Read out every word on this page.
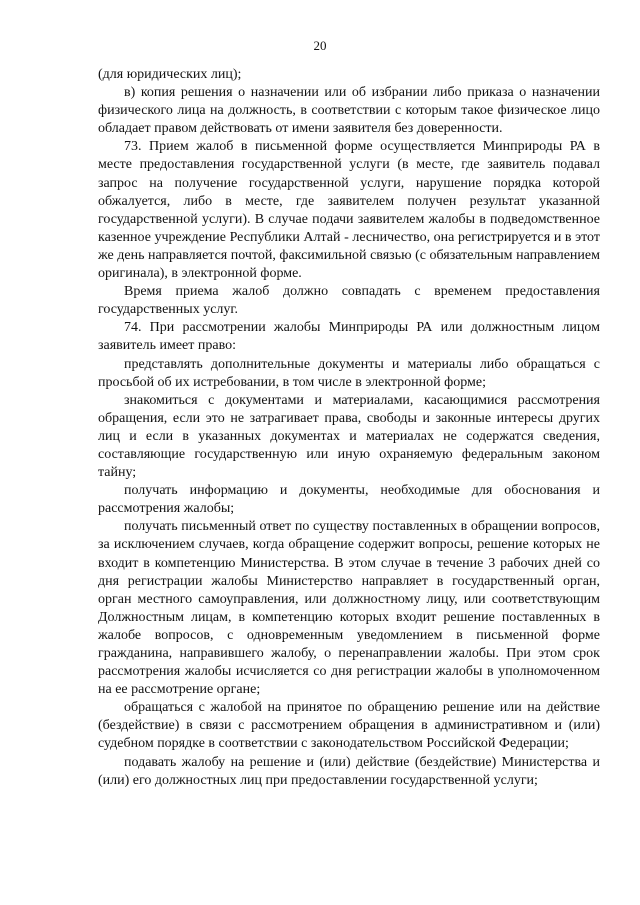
20

(для юридических лиц);

в) копия решения о назначении или об избрании либо приказа о назначении физического лица на должность, в соответствии с которым такое физическое лицо обладает правом действовать от имени заявителя без доверенности.

73. Прием жалоб в письменной форме осуществляется Минприроды РА в месте предоставления государственной услуги (в месте, где заявитель подавал запрос на получение государственной услуги, нарушение порядка которой обжалуется, либо в месте, где заявителем получен результат указанной государственной услуги). В случае подачи заявителем жалобы в подведомственное казенное учреждение Республики Алтай - лесничество, она регистрируется и в этот же день направляется почтой, факсимильной связью (с обязательным направлением оригинала), в электронной форме.

Время приема жалоб должно совпадать с временем предоставления государственных услуг.

74. При рассмотрении жалобы Минприроды РА или должностным лицом заявитель имеет право:

представлять дополнительные документы и материалы либо обращаться с просьбой об их истребовании, в том числе в электронной форме;

знакомиться с документами и материалами, касающимися рассмотрения обращения, если это не затрагивает права, свободы и законные интересы других лиц и если в указанных документах и материалах не содержатся сведения, составляющие государственную или иную охраняемую федеральным законом тайну;

получать информацию и документы, необходимые для обоснования и рассмотрения жалобы;

получать письменный ответ по существу поставленных в обращении вопросов, за исключением случаев, когда обращение содержит вопросы, решение которых не входит в компетенцию Министерства. В этом случае в течение 3 рабочих дней со дня регистрации жалобы Министерство направляет в государственный орган, орган местного самоуправления, или должностному лицу, или соответствующим Должностным лицам, в компетенцию которых входит решение поставленных в жалобе вопросов, с одновременным уведомлением в письменной форме гражданина, направившего жалобу, о перенаправлении жалобы. При этом срок рассмотрения жалобы исчисляется со дня регистрации жалобы в уполномоченном на ее рассмотрение органе;

обращаться с жалобой на принятое по обращению решение или на действие (бездействие) в связи с рассмотрением обращения в административном и (или) судебном порядке в соответствии с законодательством Российской Федерации;

подавать жалобу на решение и (или) действие (бездействие) Министерства и (или) его должностных лиц при предоставлении государственной услуги;
